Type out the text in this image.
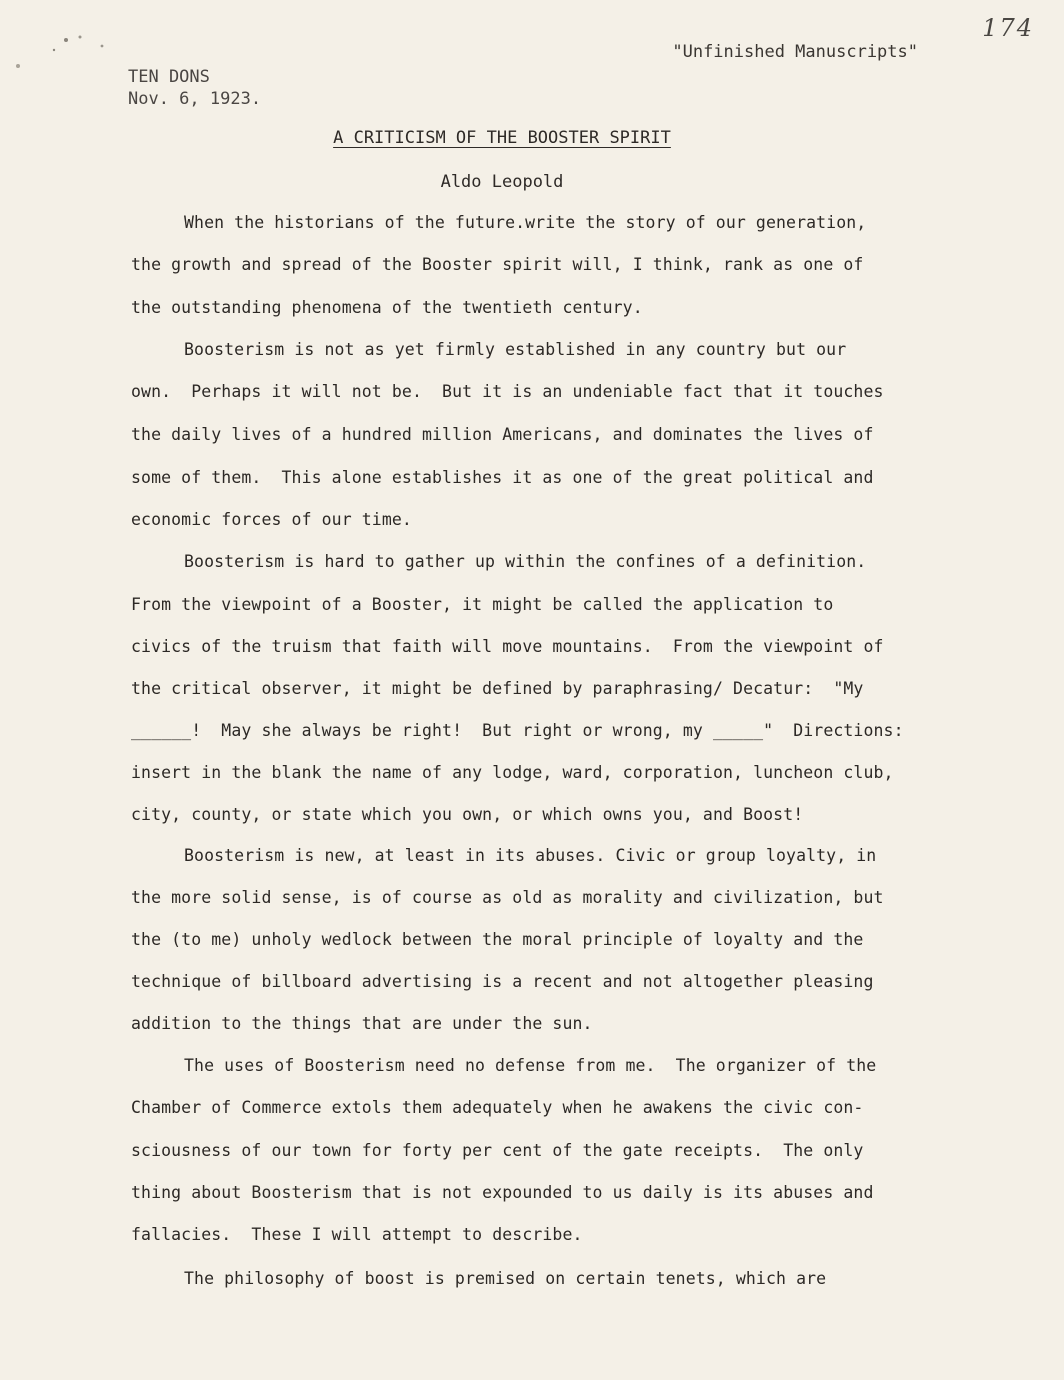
174
"Unfinished Manuscripts"
TEN DONS
Nov. 6, 1923.
A CRITICISM OF THE BOOSTER SPIRIT
Aldo Leopold
When the historians of the future.write the story of our generation,
the growth and spread of the Booster spirit will, I think, rank as one of
the outstanding phenomena of the twentieth century.
Boosterism is not as yet firmly established in any country but our
own.  Perhaps it will not be.  But it is an undeniable fact that it touches
the daily lives of a hundred million Americans, and dominates the lives of
some of them.  This alone establishes it as one of the great political and
economic forces of our time.
Boosterism is hard to gather up within the confines of a definition.
From the viewpoint of a Booster, it might be called the application to
civics of the truism that faith will move mountains.  From the viewpoint of
the critical observer, it might be defined by paraphrasing/ Decatur:  "My
______!  May she always be right!  But right or wrong, my _____"  Directions:
insert in the blank the name of any lodge, ward, corporation, luncheon club,
city, county, or state which you own, or which owns you, and Boost!
Boosterism is new, at least in its abuses. Civic or group loyalty, in
the more solid sense, is of course as old as morality and civilization, but
the (to me) unholy wedlock between the moral principle of loyalty and the
technique of billboard advertising is a recent and not altogether pleasing
addition to the things that are under the sun.
The uses of Boosterism need no defense from me.  The organizer of the
Chamber of Commerce extols them adequately when he awakens the civic con-
sciousness of our town for forty per cent of the gate receipts.  The only
thing about Boosterism that is not expounded to us daily is its abuses and
fallacies.  These I will attempt to describe.
The philosophy of boost is premised on certain tenets, which are
